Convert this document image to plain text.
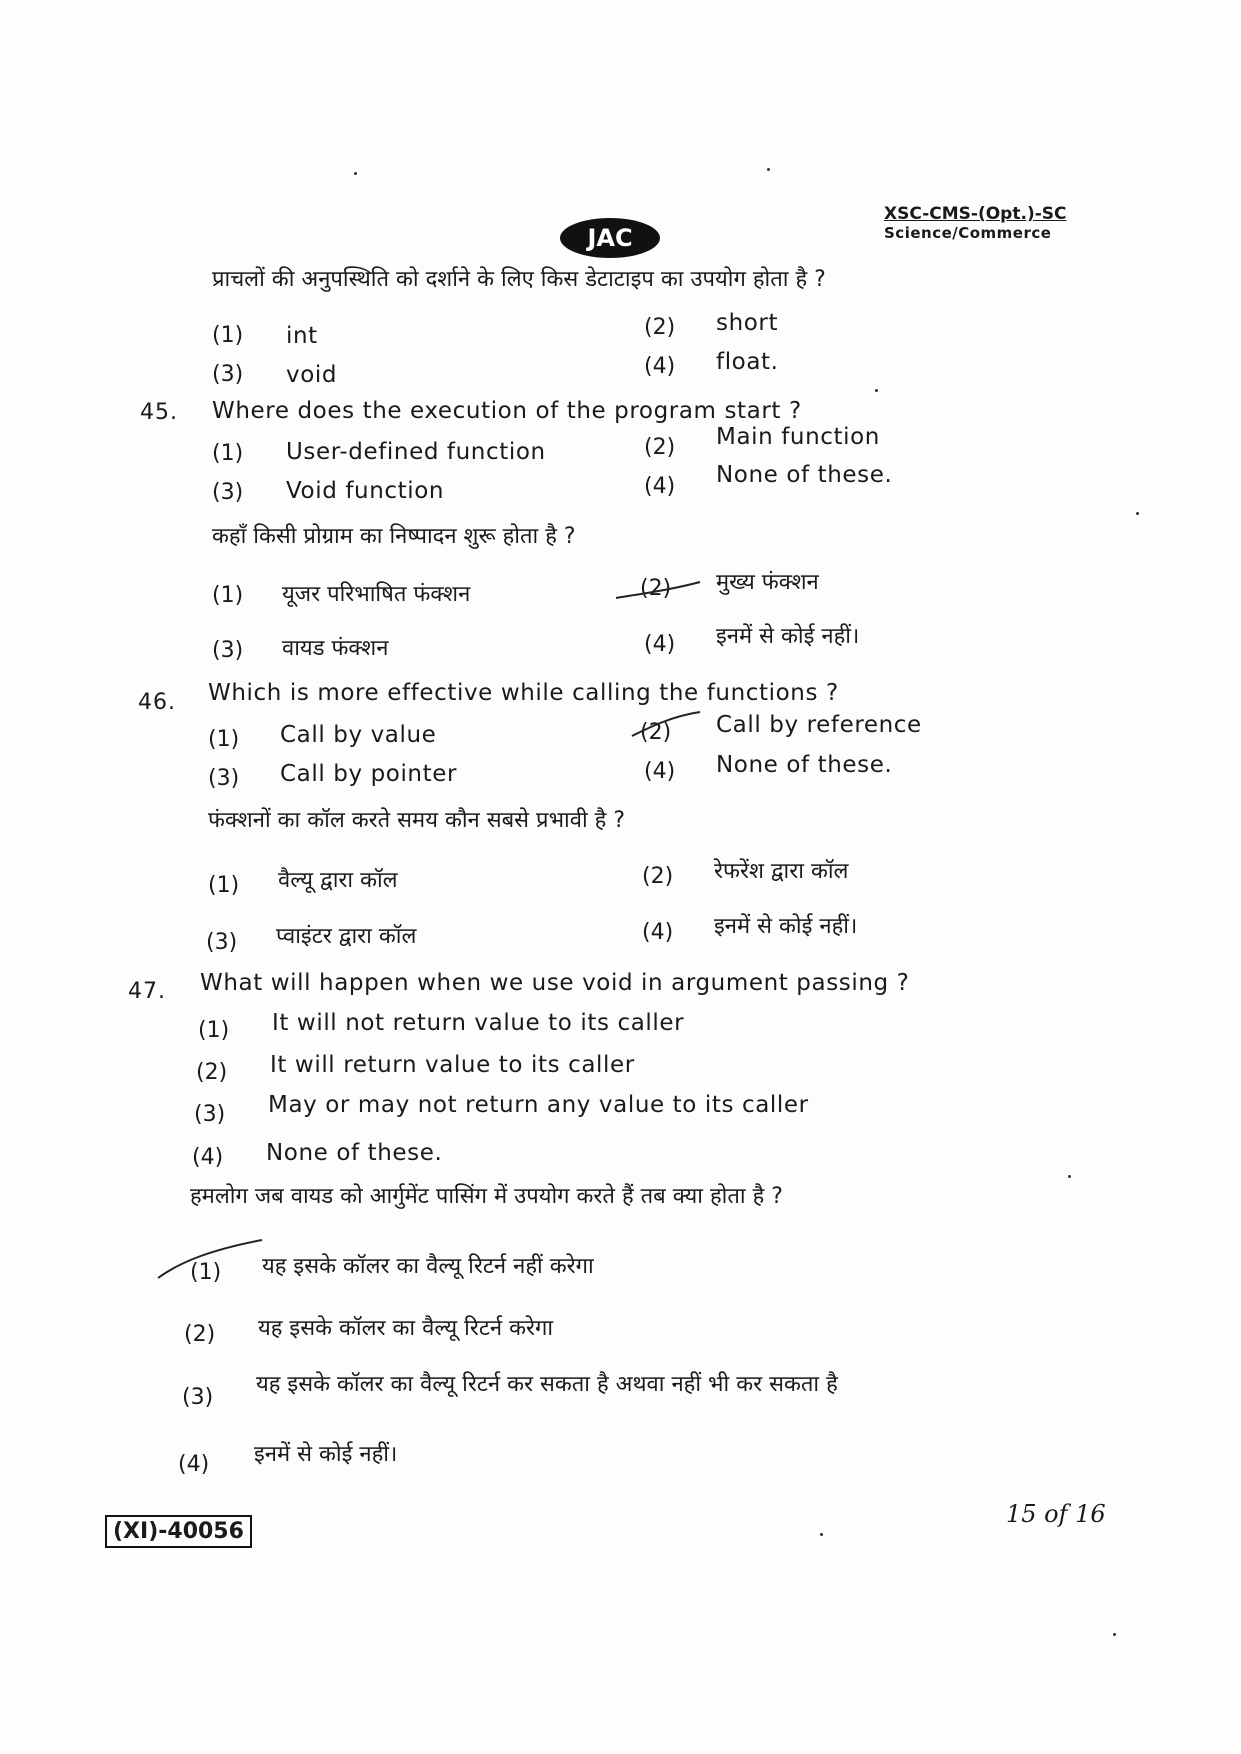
JAC
XSC-CMS-(Opt.)-SC
Science/Commerce
प्राचलों की अनुपस्थिति को दर्शाने के लिए किस डेटाटाइप का उपयोग होता है ?
(1) int	(2) short
(3) void	(4) float.
45. Where does the execution of the program start ?
(1) User-defined function	(2) Main function
(3) Void function	(4) None of these.
कहाँ किसी प्रोग्राम का निष्पादन शुरू होता है ?
(1) यूजर परिभाषित फंक्शन	(2) मुख्य फंक्शन
(3) वायड फंक्शन	(4) इनमें से कोई नहीं।
46. Which is more effective while calling the functions ?
(1) Call by value	(2) Call by reference
(3) Call by pointer	(4) None of these.
फंक्शनों का कॉल करते समय कौन सबसे प्रभावी है ?
(1) वैल्यू द्वारा कॉल	(2) रेफरेंश द्वारा कॉल
(3) प्वाइंटर द्वारा कॉल	(4) इनमें से कोई नहीं।
47. What will happen when we use void in argument passing ?
(1) It will not return value to its caller
(2) It will return value to its caller
(3) May or may not return any value to its caller
(4) None of these.
हमलोग जब वायड को आर्गुमेंट पासिंग में उपयोग करते हैं तब क्या होता है ?
(1) यह इसके कॉलर का वैल्यू रिटर्न नहीं करेगा
(2) यह इसके कॉलर का वैल्यू रिटर्न करेगा
(3)
यह इसके कॉलर का वैल्यू रिटर्न कर सकता है अथवा नहीं भी कर सकता है
(4) इनमें से कोई नहीं।
(XI)-40056
15 of 16
